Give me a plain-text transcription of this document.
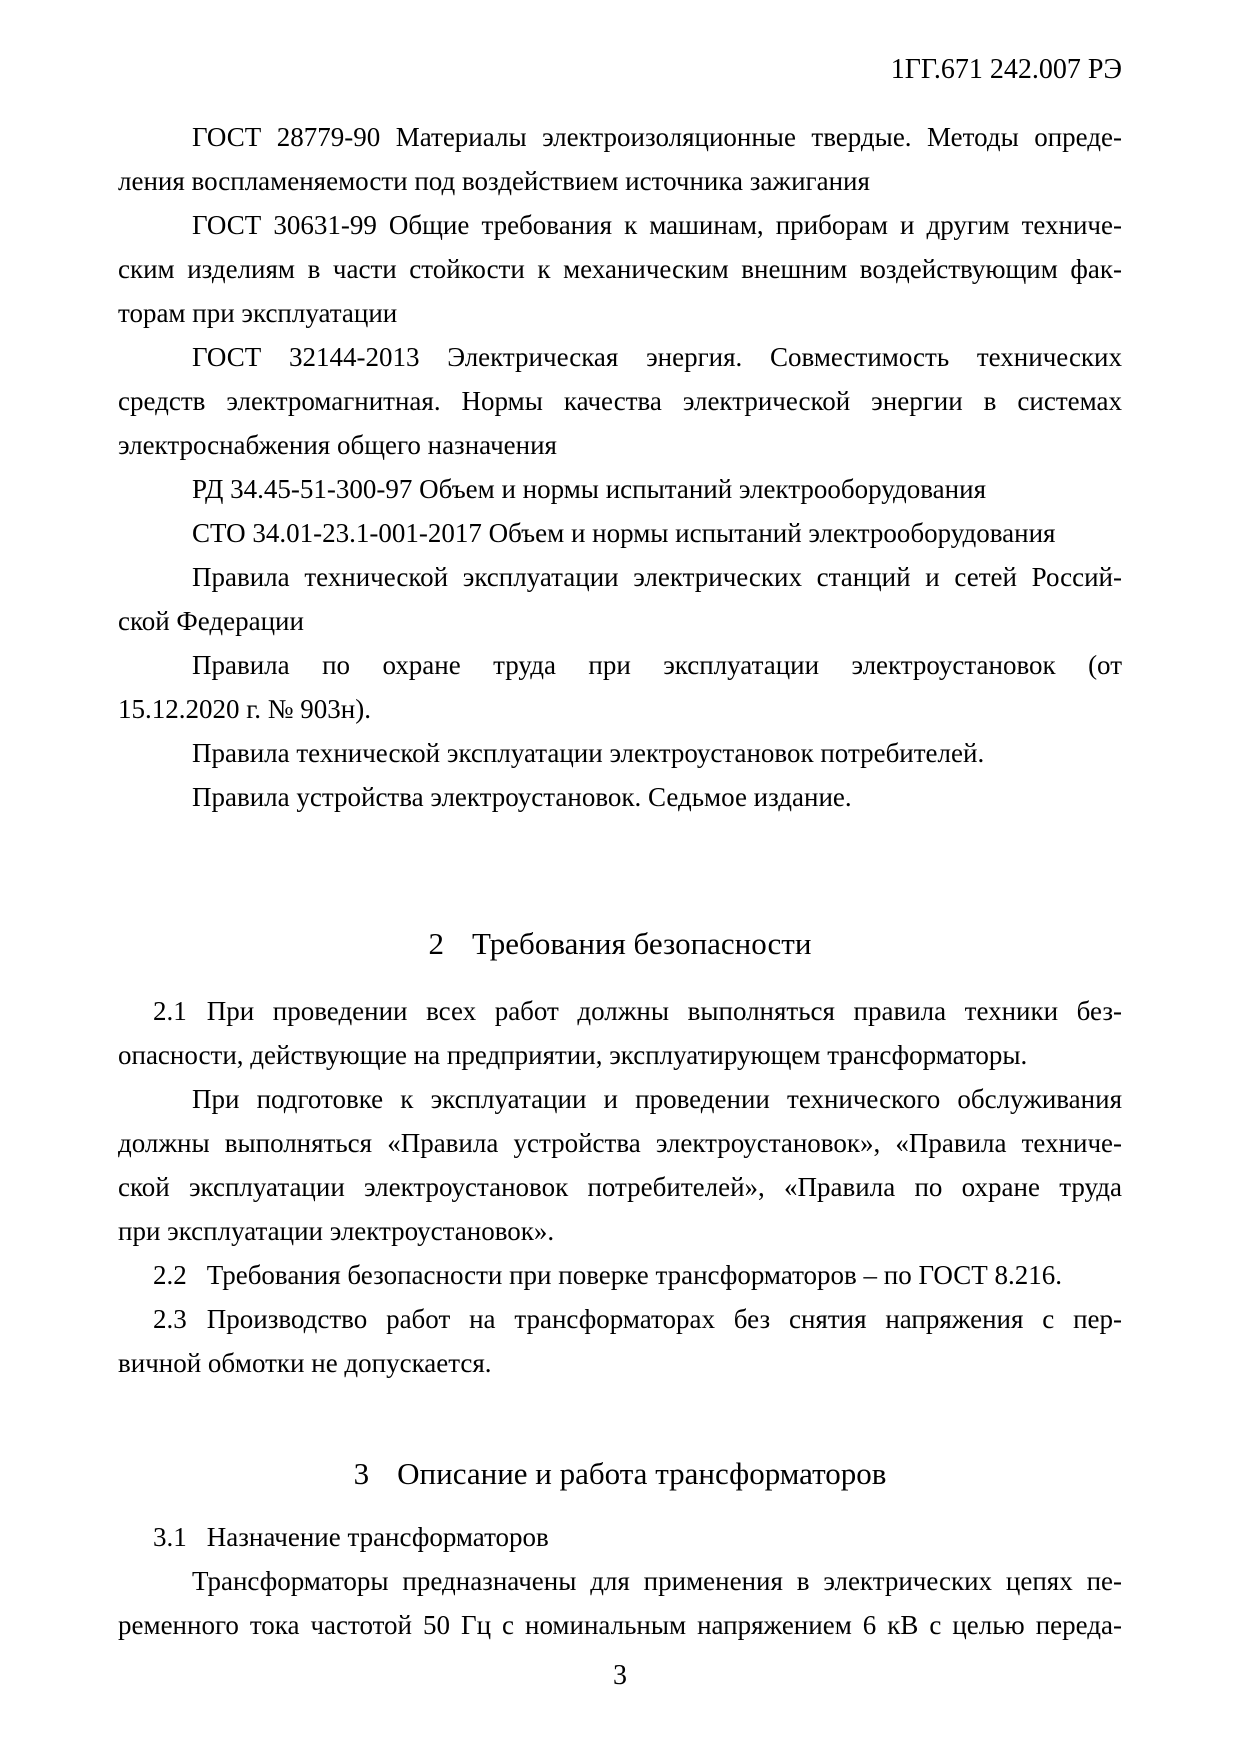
1ГГ.671 242.007 РЭ
ГОСТ 28779-90 Материалы электроизоляционные твердые. Методы опреде-
ления воспламеняемости под воздействием источника зажигания
ГОСТ 30631-99 Общие требования к машинам, приборам и другим техниче-
ским изделиям в части стойкости к механическим внешним воздействующим фак-
торам при эксплуатации
ГОСТ 32144-2013 Электрическая энергия. Совместимость технических
средств электромагнитная. Нормы качества электрической энергии в системах
электроснабжения общего назначения
РД 34.45-51-300-97 Объем и нормы испытаний электрооборудования
СТО 34.01-23.1-001-2017 Объем и нормы испытаний электрооборудования
Правила технической эксплуатации электрических станций и сетей Россий-
ской Федерации
Правила по охране труда при эксплуатации электроустановок (от
15.12.2020 г. № 903н).
Правила технической эксплуатации электроустановок потребителей.
Правила устройства электроустановок. Седьмое издание.
2 Требования безопасности
2.1 При проведении всех работ должны выполняться правила техники без-
опасности, действующие на предприятии, эксплуатирующем трансформаторы.
При подготовке к эксплуатации и проведении технического обслуживания
должны выполняться «Правила устройства электроустановок», «Правила техниче-
ской эксплуатации электроустановок потребителей», «Правила по охране труда
при эксплуатации электроустановок».
2.2 Требования безопасности при поверке трансформаторов – по ГОСТ 8.216.
2.3 Производство работ на трансформаторах без снятия напряжения с пер-
вичной обмотки не допускается.
3 Описание и работа трансформаторов
3.1 Назначение трансформаторов
Трансформаторы предназначены для применения в электрических цепях пе-
ременного тока частотой 50 Гц с номинальным напряжением 6 кВ с целью переда-
3
